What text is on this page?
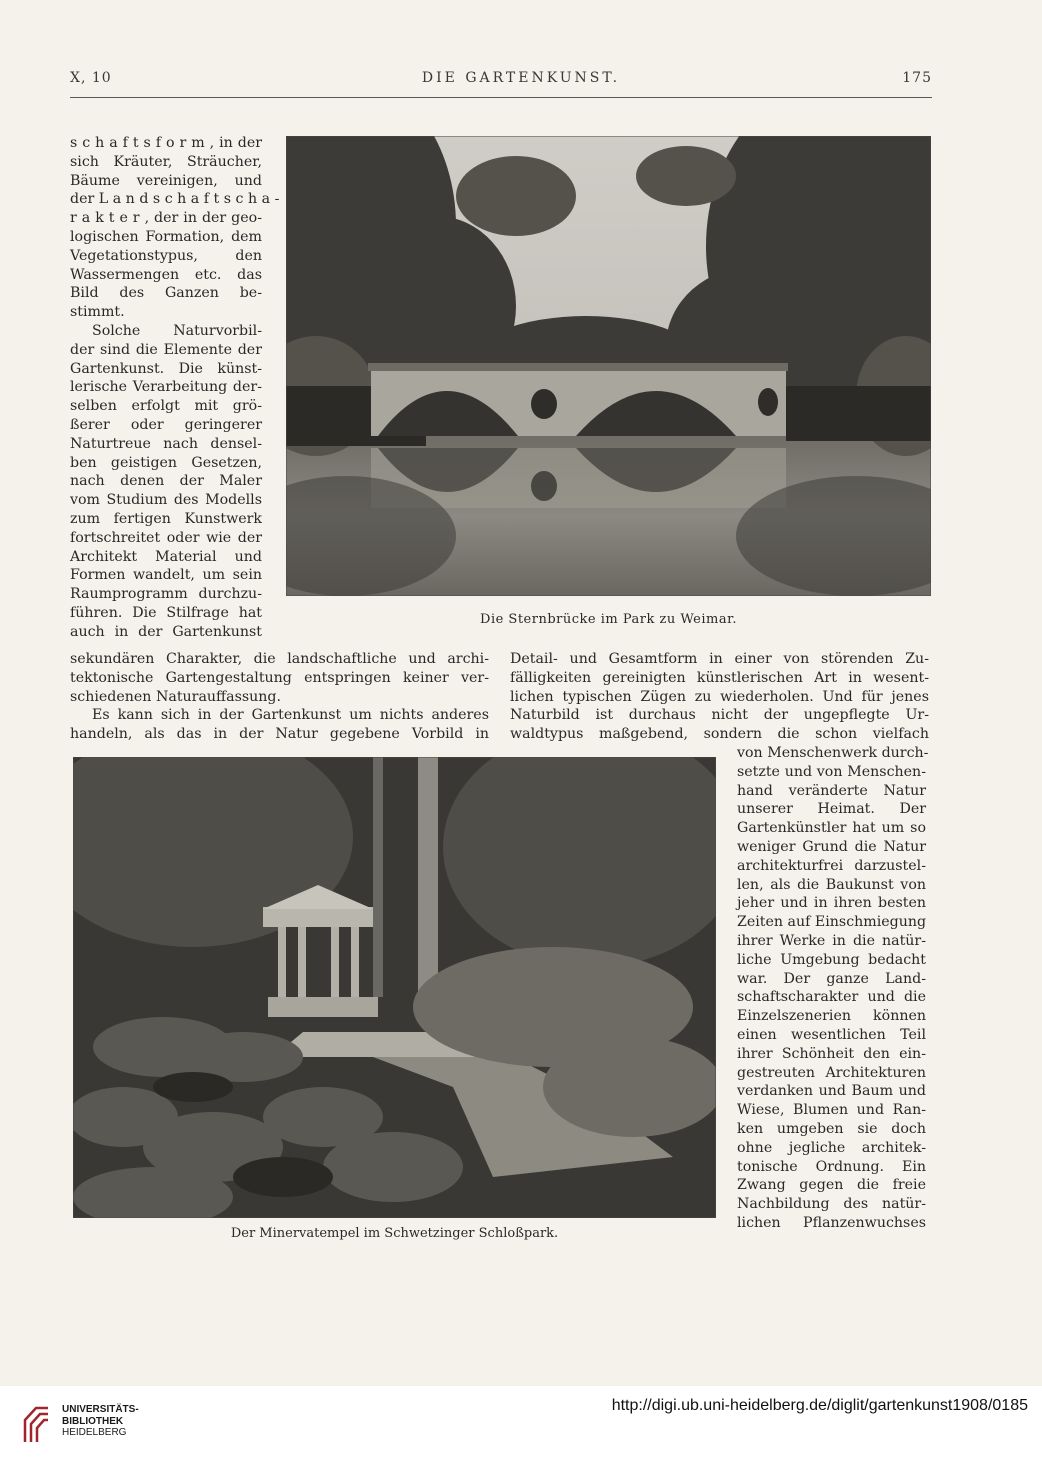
X, 10	DIE GARTENKUNST.	175
s c h a f t s f o r m , in der
sich Kräuter, Sträucher,
Bäume vereinigen, und
der L a n d s c h a f t s c h a -
r a k t e r , der in der geo-
logischen Formation, dem
Vegetationstypus, den
Wassermengen etc. das
Bild des Ganzen be-
stimmt.
Solche Naturvorbil-
der sind die Elemente der
Gartenkunst. Die künst-
lerische Verarbeitung der-
selben erfolgt mit grö-
ßerer oder geringerer
Naturtreue nach densel-
ben geistigen Gesetzen,
nach denen der Maler
vom Studium des Modells
zum fertigen Kunstwerk
fortschreitet oder wie der
Architekt Material und
Formen wandelt, um sein
Raumprogramm durchzu-
führen. Die Stilfrage hat
auch in der Gartenkunst
Die Sternbrücke im Park zu Weimar.
sekundären Charakter, die landschaftliche und archi-
tektonische Gartengestaltung entspringen keiner ver-
schiedenen Naturauffassung.
Es kann sich in der Gartenkunst um nichts anderes
handeln, als das in der Natur gegebene Vorbild in
Detail- und Gesamtform in einer von störenden Zu-
fälligkeiten gereinigten künstlerischen Art in wesent-
lichen typischen Zügen zu wiederholen. Und für jenes
Naturbild ist durchaus nicht der ungepflegte Ur-
waldtypus maßgebend, sondern die schon vielfach
Der Minervatempel im Schwetzinger Schloßpark.
von Menschenwerk durch-
setzte und von Menschen-
hand veränderte Natur
unserer Heimat. Der
Gartenkünstler hat um so
weniger Grund die Natur
architekturfrei darzustel-
len, als die Baukunst von
jeher und in ihren besten
Zeiten auf Einschmiegung
ihrer Werke in die natür-
liche Umgebung bedacht
war. Der ganze Land-
schaftscharakter und die
Einzelszenerien können
einen wesentlichen Teil
ihrer Schönheit den ein-
gestreuten Architekturen
verdanken und Baum und
Wiese, Blumen und Ran-
ken umgeben sie doch
ohne jegliche architek-
tonische Ordnung. Ein
Zwang gegen die freie
Nachbildung des natür-
lichen Pflanzenwuchses
UNIVERSITÄTS-
BIBLIOTHEK
HEIDELBERG
http://digi.ub.uni-heidelberg.de/diglit/gartenkunst1908/0185
